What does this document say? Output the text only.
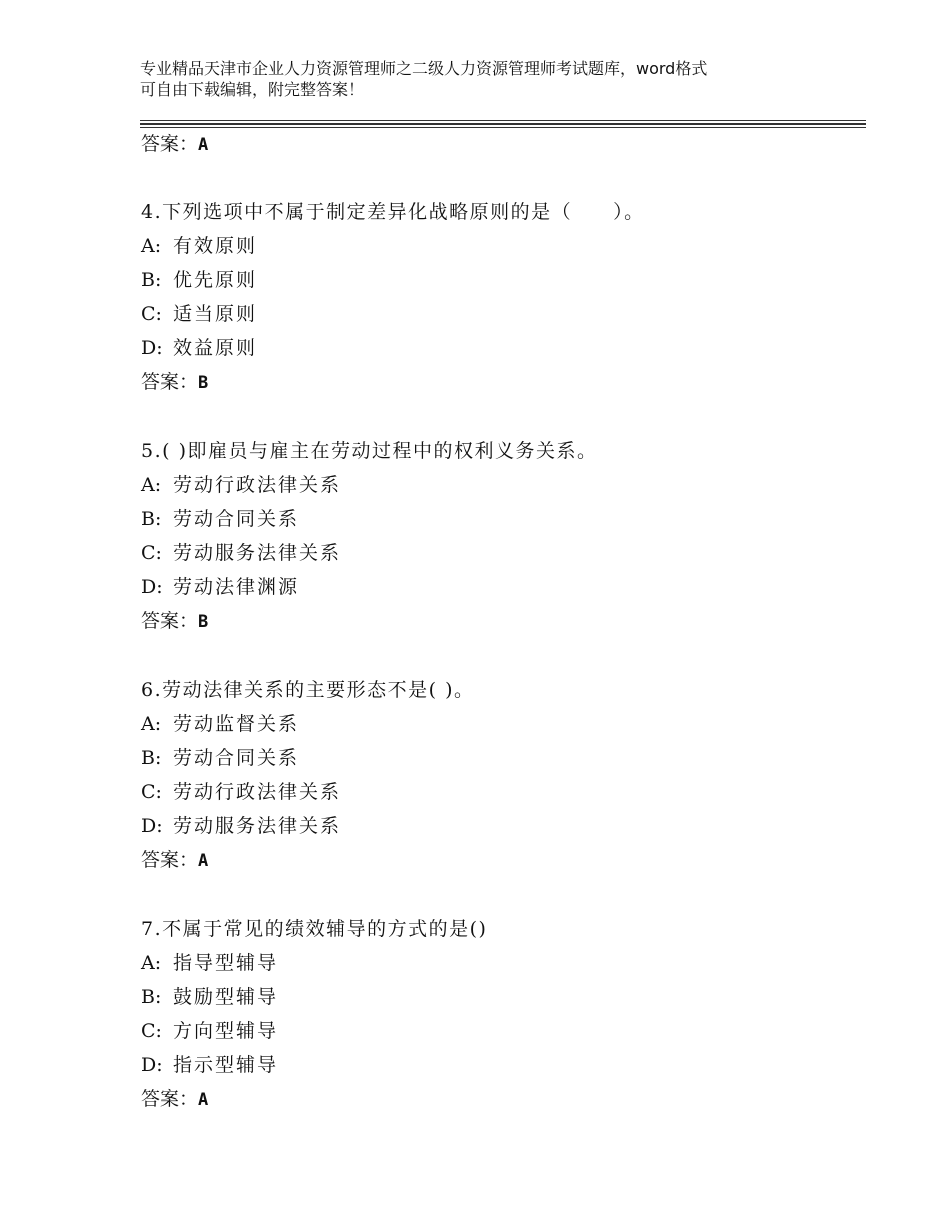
专业精品天津市企业人力资源管理师之二级人力资源管理师考试题库，word格式
可自由下载编辑，附完整答案！
答案：A
4.下列选项中不属于制定差异化战略原则的是（　　）。
A: 有效原则
B: 优先原则
C: 适当原则
D: 效益原则
答案：B
5.( )即雇员与雇主在劳动过程中的权利义务关系。
A: 劳动行政法律关系
B: 劳动合同关系
C: 劳动服务法律关系
D: 劳动法律渊源
答案：B
6.劳动法律关系的主要形态不是( )。
A: 劳动监督关系
B: 劳动合同关系
C: 劳动行政法律关系
D: 劳动服务法律关系
答案：A
7.不属于常见的绩效辅导的方式的是()
A: 指导型辅导
B: 鼓励型辅导
C: 方向型辅导
D: 指示型辅导
答案：A
